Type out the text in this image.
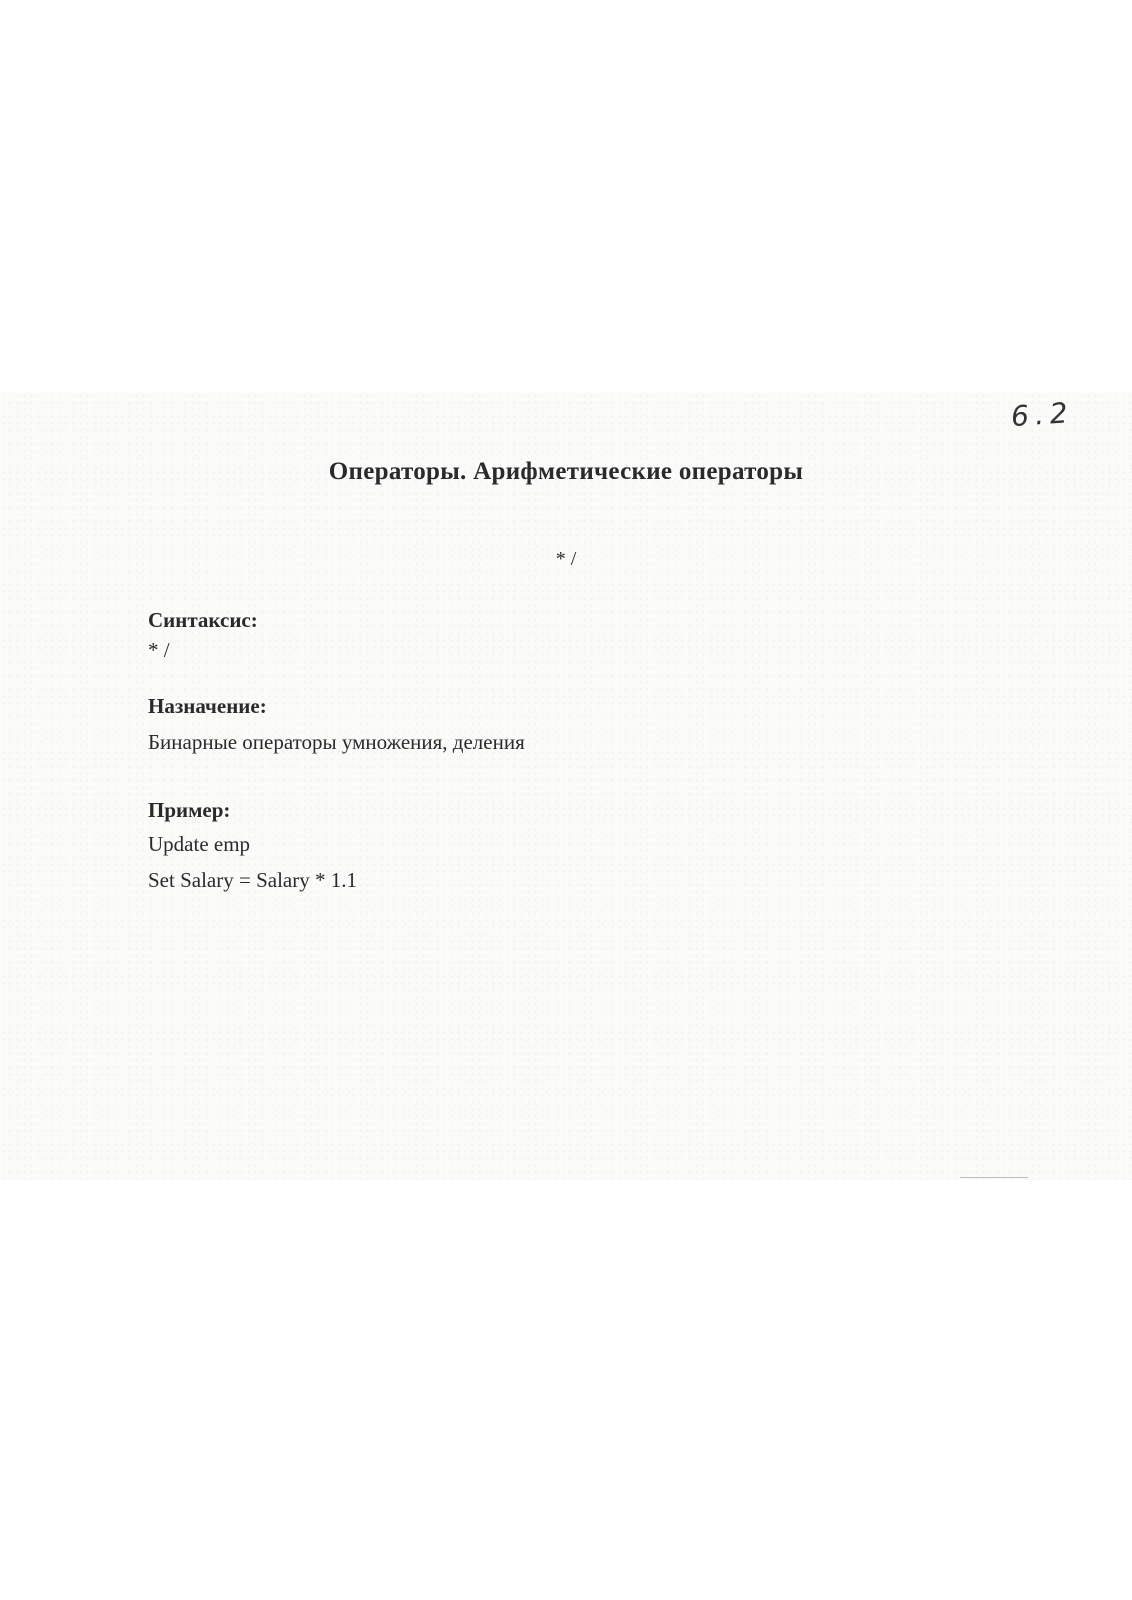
6.2
Операторы. Арифметические операторы
* /
Синтаксис:
* /
Назначение:
Бинарные операторы умножения, деления
Пример:
Update emp
Set Salary = Salary * 1.1
